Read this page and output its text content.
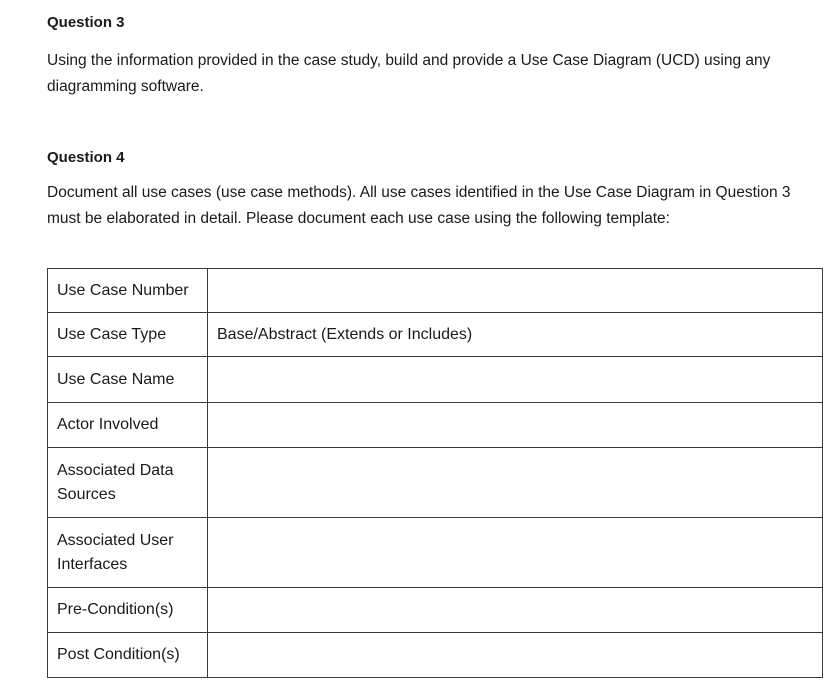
Question 3

Using the information provided in the case study, build and provide a Use Case Diagram (UCD) using any diagramming software.

Question 4

Document all use cases (use case methods). All use cases identified in the Use Case Diagram in Question 3 must be elaborated in detail. Please document each use case using the following template:

Use Case Number	
Use Case Type	Base/Abstract (Extends or Includes)
Use Case Name	
Actor Involved	
Associated Data Sources	
Associated User Interfaces	
Pre-Condition(s)	
Post Condition(s)	
